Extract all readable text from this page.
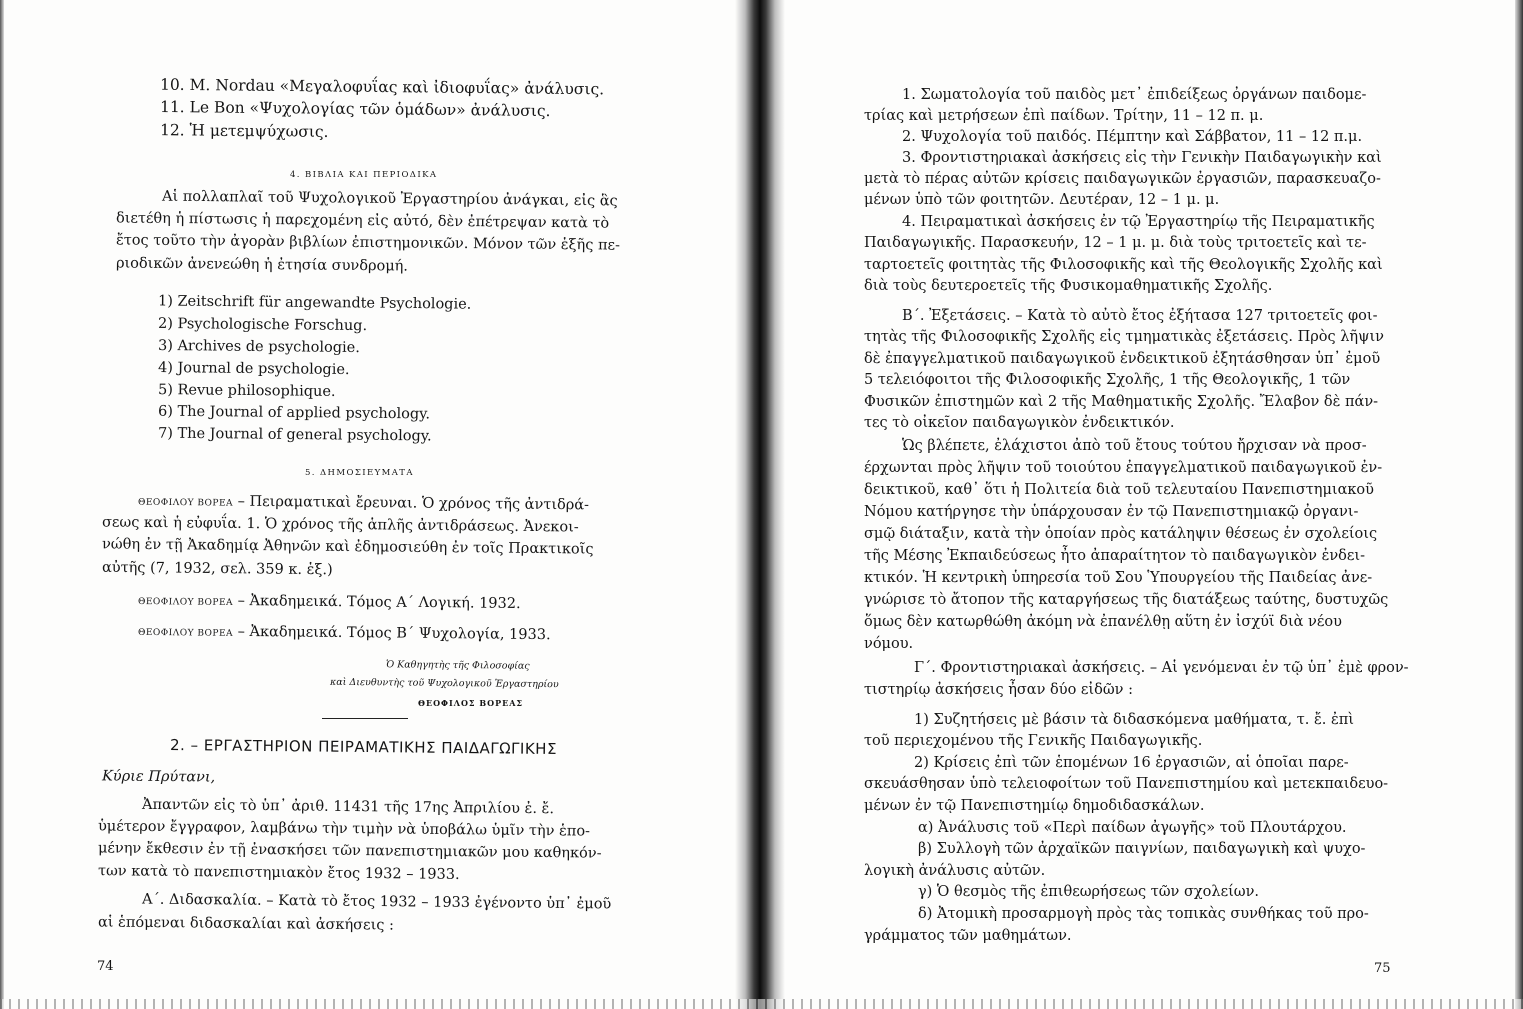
10. M. Nordau «Μεγαλοφυΐας καὶ ἰδιοφυΐας» ἀνάλυσις.
11. Le Bon «Ψυχολογίας τῶν ὁμάδων» ἀνάλυσις.
12. Ἡ μετεμψύχωσις.
4. ΒΙΒΛΙΑ ΚΑΙ ΠΕΡΙΟΔΙΚΑ
Αἱ πολλαπλαῖ τοῦ Ψυχολογικοῦ Ἐργαστηρίου ἀνάγκαι, εἰς ἃς
διετέθη ἡ πίστωσις ἡ παρεχομένη εἰς αὐτό, δὲν ἐπέτρεψαν κατὰ τὸ
ἔτος τοῦτο τὴν ἀγορὰν βιβλίων ἐπιστημονικῶν. Μόνον τῶν ἑξῆς πε-
ριοδικῶν ἀνενεώθη ἡ ἐτησία συνδρομή.
1) Zeitschrift für angewandte Psychologie.
2) Psychologische Forschug.
3) Archives de psychologie.
4) Journal de psychologie.
5) Revue philosophique.
6) The Journal of applied psychology.
7) The Journal of general psychology.
5. ΔΗΜΟΣΙΕΥΜΑΤΑ
ΘΕΟΦΙΛΟΥ ΒΟΡΕΑ – Πειραματικαὶ ἔρευναι. Ὁ χρόνος τῆς ἀντιδρά-
σεως καὶ ἡ εὐφυΐα. 1. Ὁ χρόνος τῆς ἁπλῆς ἀντιδράσεως. Ἀνεκοι-
νώθη ἐν τῇ Ἀκαδημίᾳ Ἀθηνῶν καὶ ἐδημοσιεύθη ἐν τοῖς Πρακτικοῖς
αὐτῆς (7, 1932, σελ. 359 κ. ἑξ.)
ΘΕΟΦΙΛΟΥ ΒΟΡΕΑ – Ἀκαδημεικά. Τόμος Α΄ Λογική. 1932.
ΘΕΟΦΙΛΟΥ ΒΟΡΕΑ – Ἀκαδημεικά. Τόμος Β΄ Ψυχολογία, 1933.
Ὁ Καθηγητὴς τῆς Φιλοσοφίας
καὶ Διευθυντὴς τοῦ Ψυχολογικοῦ Ἐργαστηρίου
ΘΕΟΦΙΛΟΣ ΒΟΡΕΑΣ
2. – ΕΡΓΑΣΤΗΡΙΟΝ ΠΕΙΡΑΜΑΤΙΚΗΣ ΠΑΙΔΑΓΩΓΙΚΗΣ
Κύριε Πρύτανι,
Ἀπαντῶν εἰς τὸ ὑπ᾽ ἀριθ. 11431 τῆς 17ης Ἀπριλίου ἐ. ἔ.
ὑμέτερον ἔγγραφον, λαμβάνω τὴν τιμὴν νὰ ὑποβάλω ὑμῖν τὴν ἑπο-
μένην ἔκθεσιν ἐν τῇ ἐνασκήσει τῶν πανεπιστημιακῶν μου καθηκόν-
των κατὰ τὸ πανεπιστημιακὸν ἔτος 1932 – 1933.
Α΄. Διδασκαλία. – Κατὰ τὸ ἔτος 1932 – 1933 ἐγένοντο ὑπ᾽ ἐμοῦ
αἱ ἑπόμεναι διδασκαλίαι καὶ ἀσκήσεις :
74
1. Σωματολογία τοῦ παιδὸς μετ᾽ ἐπιδείξεως ὀργάνων παιδομε-
τρίας καὶ μετρήσεων ἐπὶ παίδων. Τρίτην, 11 – 12 π. μ.
2. Ψυχολογία τοῦ παιδός. Πέμπτην καὶ Σάββατον, 11 – 12 π.μ.
3. Φροντιστηριακαὶ ἀσκήσεις εἰς τὴν Γενικὴν Παιδαγωγικὴν καὶ
μετὰ τὸ πέρας αὐτῶν κρίσεις παιδαγωγικῶν ἐργασιῶν, παρασκευαζο-
μένων ὑπὸ τῶν φοιτητῶν. Δευτέραν, 12 – 1 μ. μ.
4. Πειραματικαὶ ἀσκήσεις ἐν τῷ Ἐργαστηρίῳ τῆς Πειραματικῆς
Παιδαγωγικῆς. Παρασκευήν, 12 – 1 μ. μ. διὰ τοὺς τριτοετεῖς καὶ τε-
ταρτοετεῖς φοιτητὰς τῆς Φιλοσοφικῆς καὶ τῆς Θεολογικῆς Σχολῆς καὶ
διὰ τοὺς δευτεροετεῖς τῆς Φυσικομαθηματικῆς Σχολῆς.
Β΄. Ἐξετάσεις. – Κατὰ τὸ αὐτὸ ἔτος ἐξήτασα 127 τριτοετεῖς φοι-
τητὰς τῆς Φιλοσοφικῆς Σχολῆς εἰς τμηματικὰς ἐξετάσεις. Πρὸς λῆψιν
δὲ ἐπαγγελματικοῦ παιδαγωγικοῦ ἐνδεικτικοῦ ἐξητάσθησαν ὑπ᾽ ἐμοῦ
5 τελειόφοιτοι τῆς Φιλοσοφικῆς Σχολῆς, 1 τῆς Θεολογικῆς, 1 τῶν
Φυσικῶν ἐπιστημῶν καὶ 2 τῆς Μαθηματικῆς Σχολῆς. Ἔλαβον δὲ πάν-
τες τὸ οἰκεῖον παιδαγωγικὸν ἐνδεικτικόν.
Ὡς βλέπετε, ἐλάχιστοι ἀπὸ τοῦ ἔτους τούτου ἤρχισαν νὰ προσ-
έρχωνται πρὸς λῆψιν τοῦ τοιούτου ἐπαγγελματικοῦ παιδαγωγικοῦ ἐν-
δεικτικοῦ, καθ᾽ ὅτι ἡ Πολιτεία διὰ τοῦ τελευταίου Πανεπιστημιακοῦ
Νόμου κατήργησε τὴν ὑπάρχουσαν ἐν τῷ Πανεπιστημιακῷ ὀργανι-
σμῷ διάταξιν, κατὰ τὴν ὁποίαν πρὸς κατάληψιν θέσεως ἐν σχολείοις
τῆς Μέσης Ἐκπαιδεύσεως ἦτο ἀπαραίτητον τὸ παιδαγωγικὸν ἐνδει-
κτικόν. Ἡ κεντρικὴ ὑπηρεσία τοῦ Σου Ὑπουργείου τῆς Παιδείας ἀνε-
γνώρισε τὸ ἄτοπον τῆς καταργήσεως τῆς διατάξεως ταύτης, δυστυχῶς
ὅμως δὲν κατωρθώθη ἀκόμη νὰ ἐπανέλθῃ αὕτη ἐν ἰσχύϊ διὰ νέου
νόμου.
Γ΄. Φροντιστηριακαὶ ἀσκήσεις. – Αἱ γενόμεναι ἐν τῷ ὑπ᾽ ἐμὲ φρον-
τιστηρίῳ ἀσκήσεις ἦσαν δύο εἰδῶν :
1) Συζητήσεις μὲ βάσιν τὰ διδασκόμενα μαθήματα, τ. ἔ. ἐπὶ
τοῦ περιεχομένου τῆς Γενικῆς Παιδαγωγικῆς.
2) Κρίσεις ἐπὶ τῶν ἑπομένων 16 ἐργασιῶν, αἱ ὁποῖαι παρε-
σκευάσθησαν ὑπὸ τελειοφοίτων τοῦ Πανεπιστημίου καὶ μετεκπαιδευο-
μένων ἐν τῷ Πανεπιστημίῳ δημοδιδασκάλων.
α) Ἀνάλυσις τοῦ «Περὶ παίδων ἀγωγῆς» τοῦ Πλουτάρχου.
β) Συλλογὴ τῶν ἀρχαϊκῶν παιγνίων, παιδαγωγικὴ καὶ ψυχο-
λογικὴ ἀνάλυσις αὐτῶν.
γ) Ὁ θεσμὸς τῆς ἐπιθεωρήσεως τῶν σχολείων.
δ) Ἀτομικὴ προσαρμογὴ πρὸς τὰς τοπικὰς συνθήκας τοῦ προ-
γράμματος τῶν μαθημάτων.
75
